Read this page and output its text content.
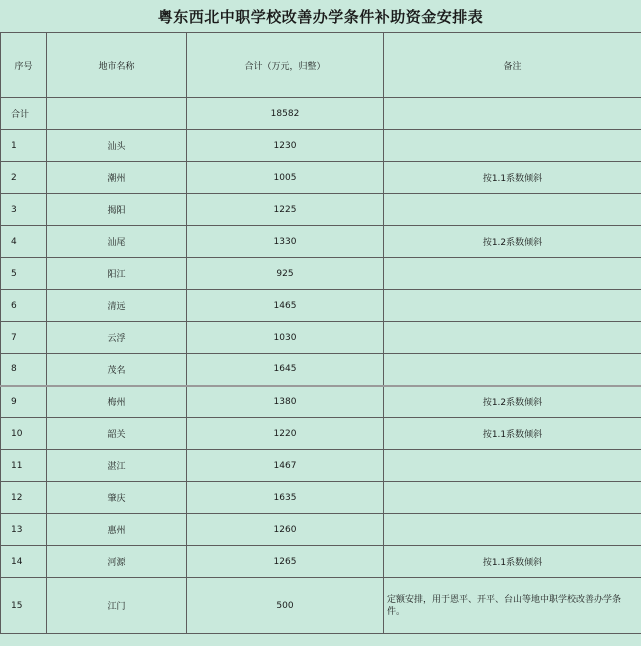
粤东西北中职学校改善办学条件补助资金安排表
序号	地市名称	合计（万元，归整）	备注
合计		18582	
1	汕头	1230	
2	潮州	1005	按1.1系数倾斜
3	揭阳	1225	
4	汕尾	1330	按1.2系数倾斜
5	阳江	925	
6	清远	1465	
7	云浮	1030	
8	茂名	1645	
9	梅州	1380	按1.2系数倾斜
10	韶关	1220	按1.1系数倾斜
11	湛江	1467	
12	肇庆	1635	
13	惠州	1260	
14	河源	1265	按1.1系数倾斜
15	江门	500	定额安排，用于恩平、开平、台山等地中职学校改善办学条件。
